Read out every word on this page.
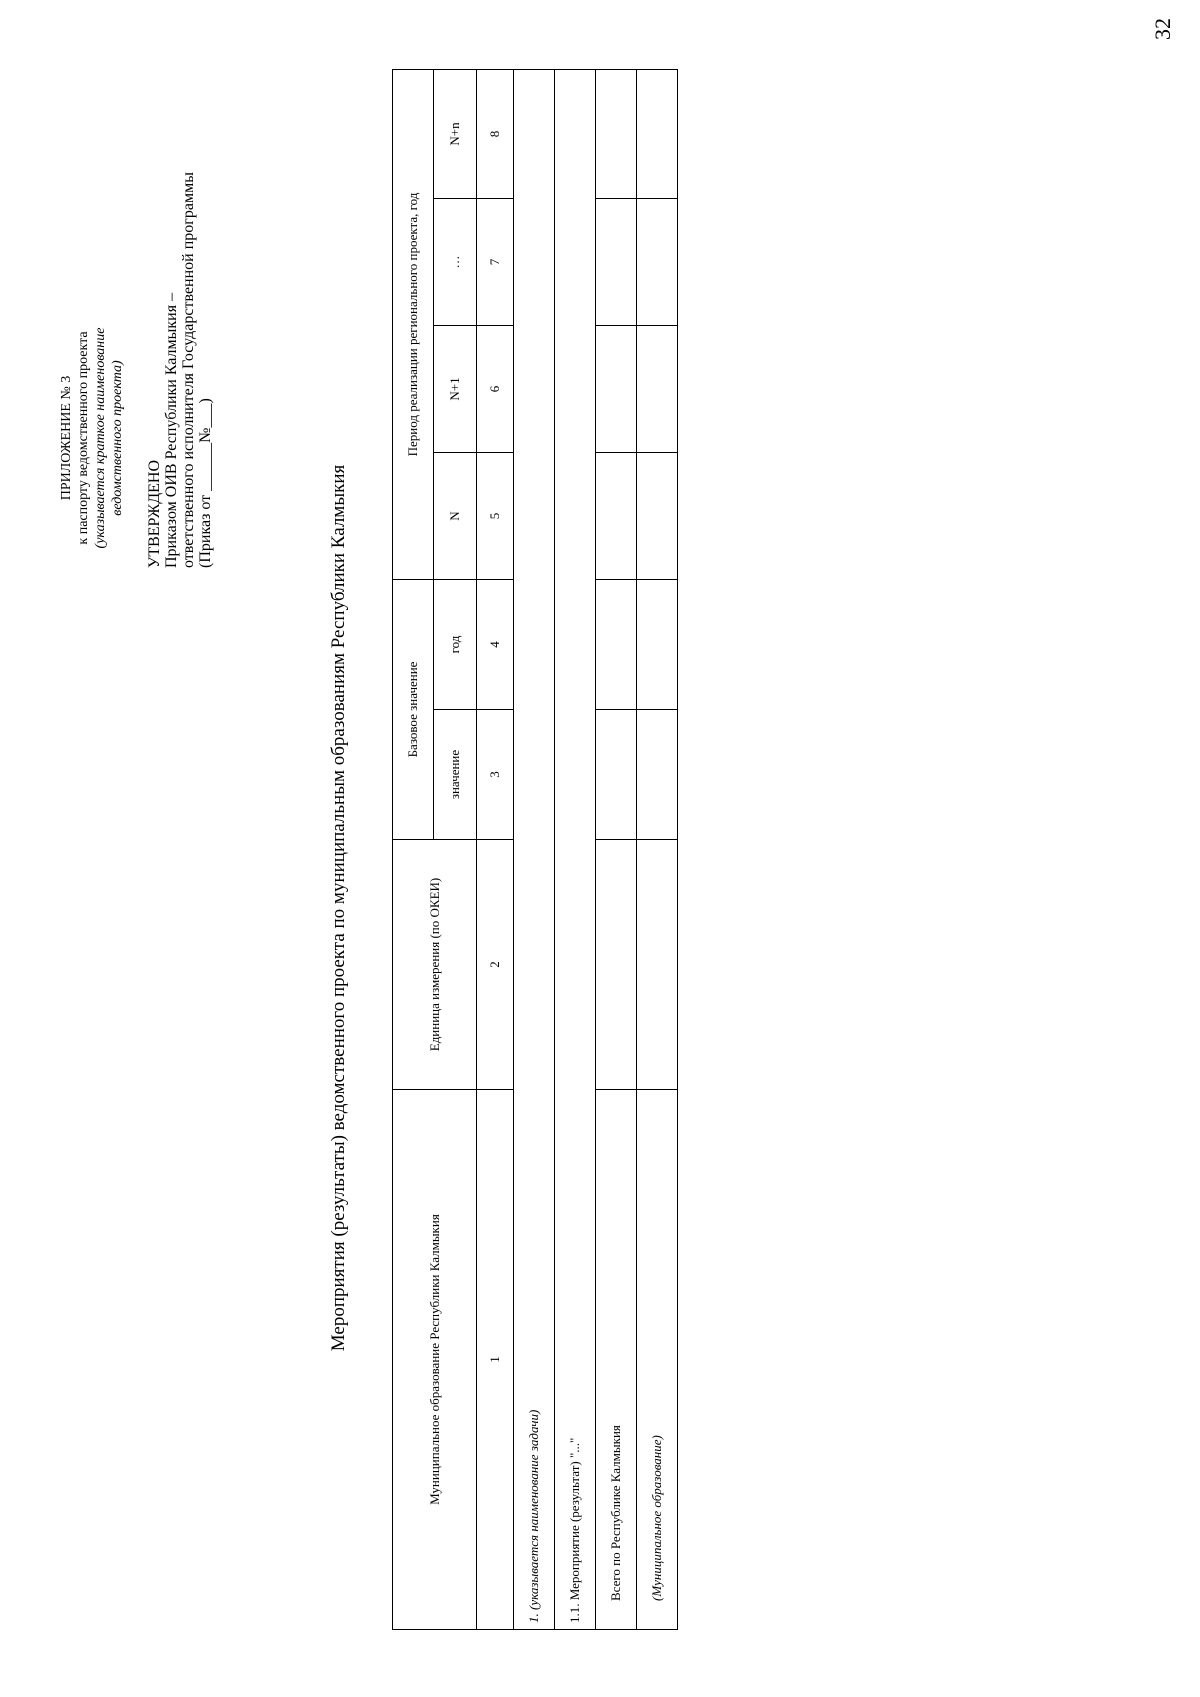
32
ПРИЛОЖЕНИЕ № 3 к паспорту ведомственного проекта (указывается краткое наименование ведомственного проекта) УТВЕРЖДЕНО Приказом ОИВ Республики Калмыкия – ответственного исполнителя Государственной программы (Приказ от ______№___)	Мероприятия (результаты) ведомственного проекта по муниципальным образованиям Республики Калмыкия
Муниципальное образование Республики Калмыкия	Единица измерения (по ОКЕИ)	Базовое значение		Период реализации регионального проекта, год			
		значение	год	N	N+1	…	N+n
1	2	3	4	5	6	7	8
1. (указывается наименование задачи)							
1.1. Мероприятие (результат) "..."							
Всего по Республике Калмыкия							
(Муниципальное образование)							
